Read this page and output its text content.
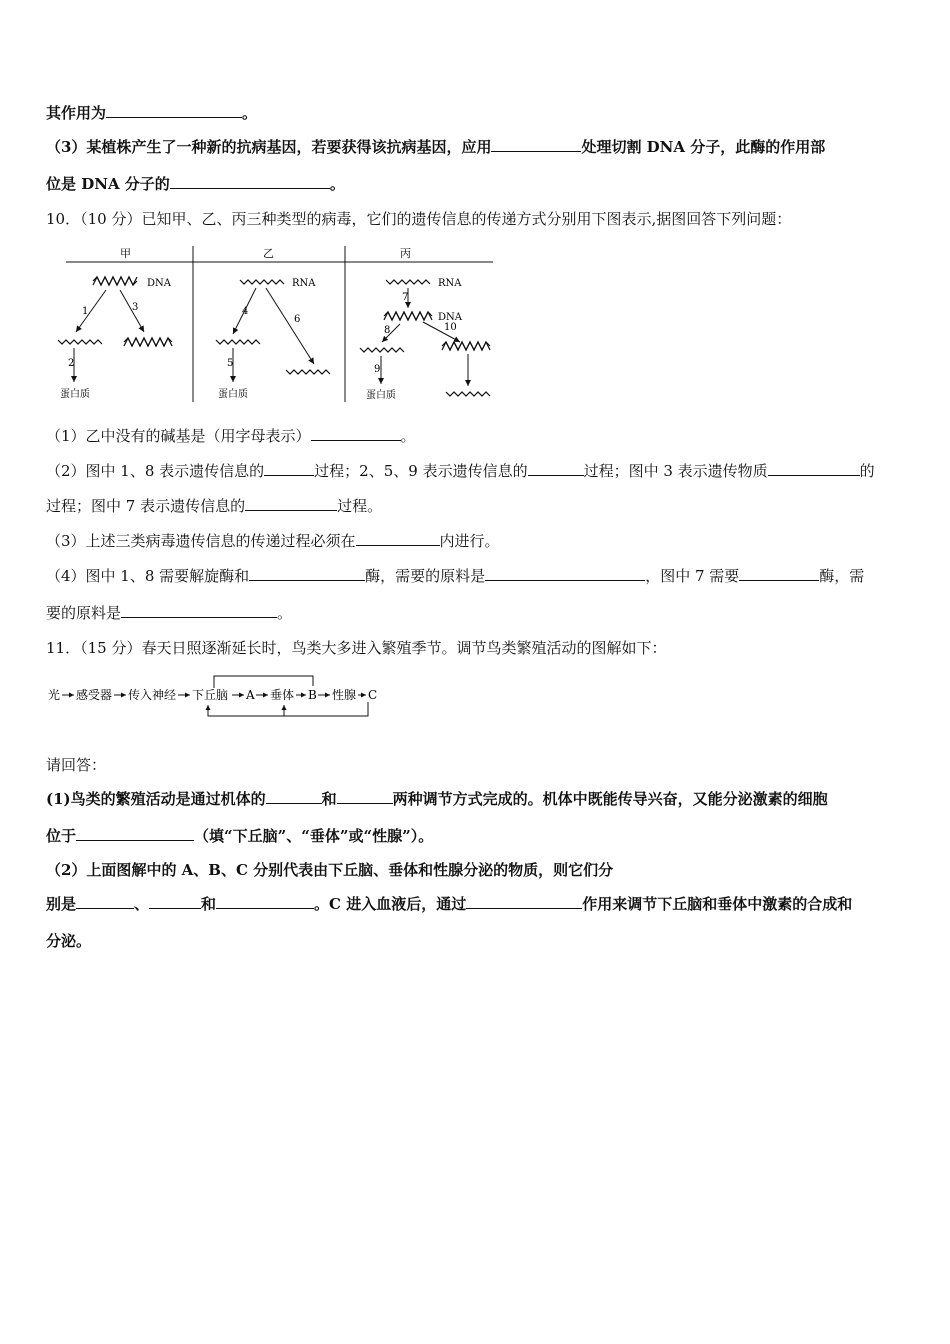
其作用为	。
（3）某植株产生了一种新的抗病基因，若要获得该抗病基因，应用	处理切割 DNA 分子，此酶的作用部
位是 DNA 分子的	。
10．（10 分）已知甲、乙、丙三种类型的病毒，它们的遗传信息的传递方式分别用下图表示,据图回答下列问题：
甲	乙	丙
DNA
1	3
2
蛋白质
RNA
4
6
5
蛋白质
RNA
7
DNA
8	10
9
蛋白质
（1）乙中没有的碱基是（用字母表示）	。
（2）图中 1、8 表示遗传信息的	过程；2、5、9 表示遗传信息的	过程；图中 3 表示遗传物质	的
过程；图中 7 表示遗传信息的	过程。
（3）上述三类病毒遗传信息的传递过程必须在	内进行。
（4）图中 1、8 需要解旋酶和	酶，需要的原料是	，图中 7 需要	酶，需
要的原料是	。
11．（15 分）春天日照逐渐延长时，鸟类大多进入繁殖季节。调节鸟类繁殖活动的图解如下：
光 感受器 传入神经 下丘脑 A 垂体 B 性腺 C
请回答：
(1)鸟类的繁殖活动是通过机体的	和	两种调节方式完成的。机体中既能传导兴奋，又能分泌激素的细胞
位于	（填“下丘脑”、“垂体”或“性腺”）。
（2）上面图解中的 A、B、C 分别代表由下丘脑、垂体和性腺分泌的物质，则它们分
别是	、	和	。C 进入血液后，通过	作用来调节下丘脑和垂体中激素的合成和
分泌。
